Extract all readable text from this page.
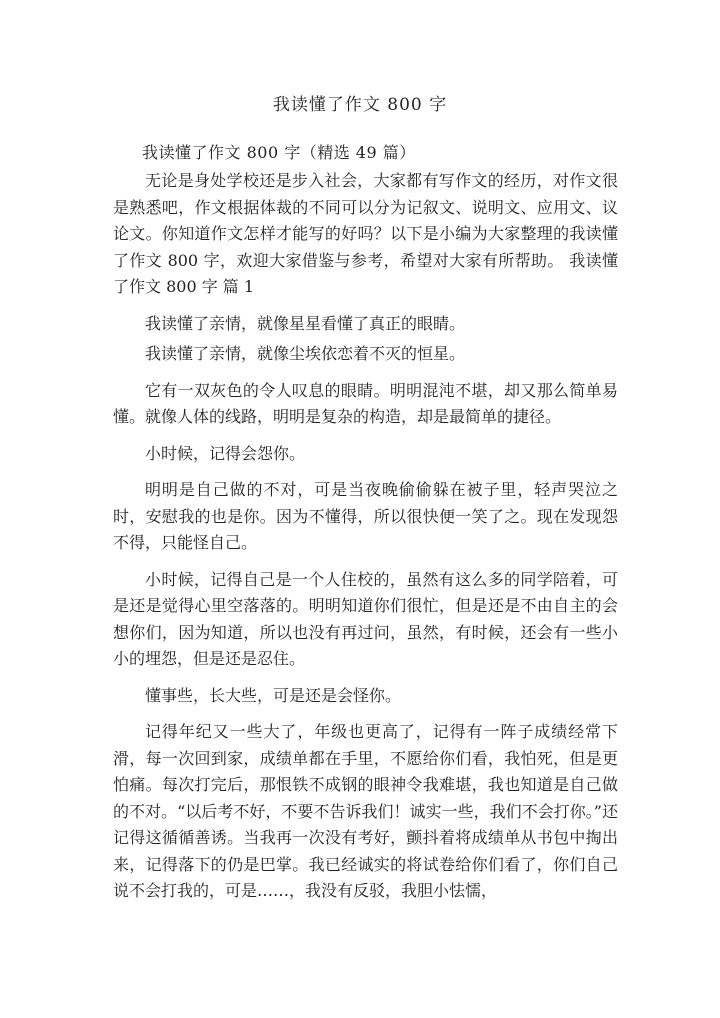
我读懂了作文 800 字
我读懂了作文 800 字（精选 49 篇）

无论是身处学校还是步入社会，大家都有写作文的经历，对作文很是熟悉吧，作文根据体裁的不同可以分为记叙文、说明文、应用文、议论文。你知道作文怎样才能写的好吗？以下是小编为大家整理的我读懂了作文 800 字，欢迎大家借鉴与参考，希望对大家有所帮助。 我读懂了作文 800 字 篇 1

我读懂了亲情，就像星星看懂了真正的眼睛。

我读懂了亲情，就像尘埃依恋着不灭的恒星。

它有一双灰色的令人叹息的眼睛。明明混沌不堪，却又那么简单易懂。就像人体的线路，明明是复杂的构造，却是最简单的捷径。

小时候，记得会怨你。

明明是自己做的不对，可是当夜晚偷偷躲在被子里，轻声哭泣之时，安慰我的也是你。因为不懂得，所以很快便一笑了之。现在发现怨不得，只能怪自己。

小时候，记得自己是一个人住校的，虽然有这么多的同学陪着，可是还是觉得心里空落落的。明明知道你们很忙，但是还是不由自主的会想你们，因为知道，所以也没有再过问，虽然，有时候，还会有一些小小的埋怨，但是还是忍住。

懂事些，长大些，可是还是会怪你。

记得年纪又一些大了，年级也更高了，记得有一阵子成绩经常下滑，每一次回到家，成绩单都在手里，不愿给你们看，我怕死，但是更怕痛。每次打完后，那恨铁不成钢的眼神令我难堪，我也知道是自己做的不对。“以后考不好，不要不告诉我们！诚实一些，我们不会打你。”还记得这循循善诱。当我再一次没有考好，颤抖着将成绩单从书包中掏出来，记得落下的仍是巴掌。我已经诚实的将试卷给你们看了，你们自己说不会打我的，可是……，我没有反驳，我胆小怯懦，
